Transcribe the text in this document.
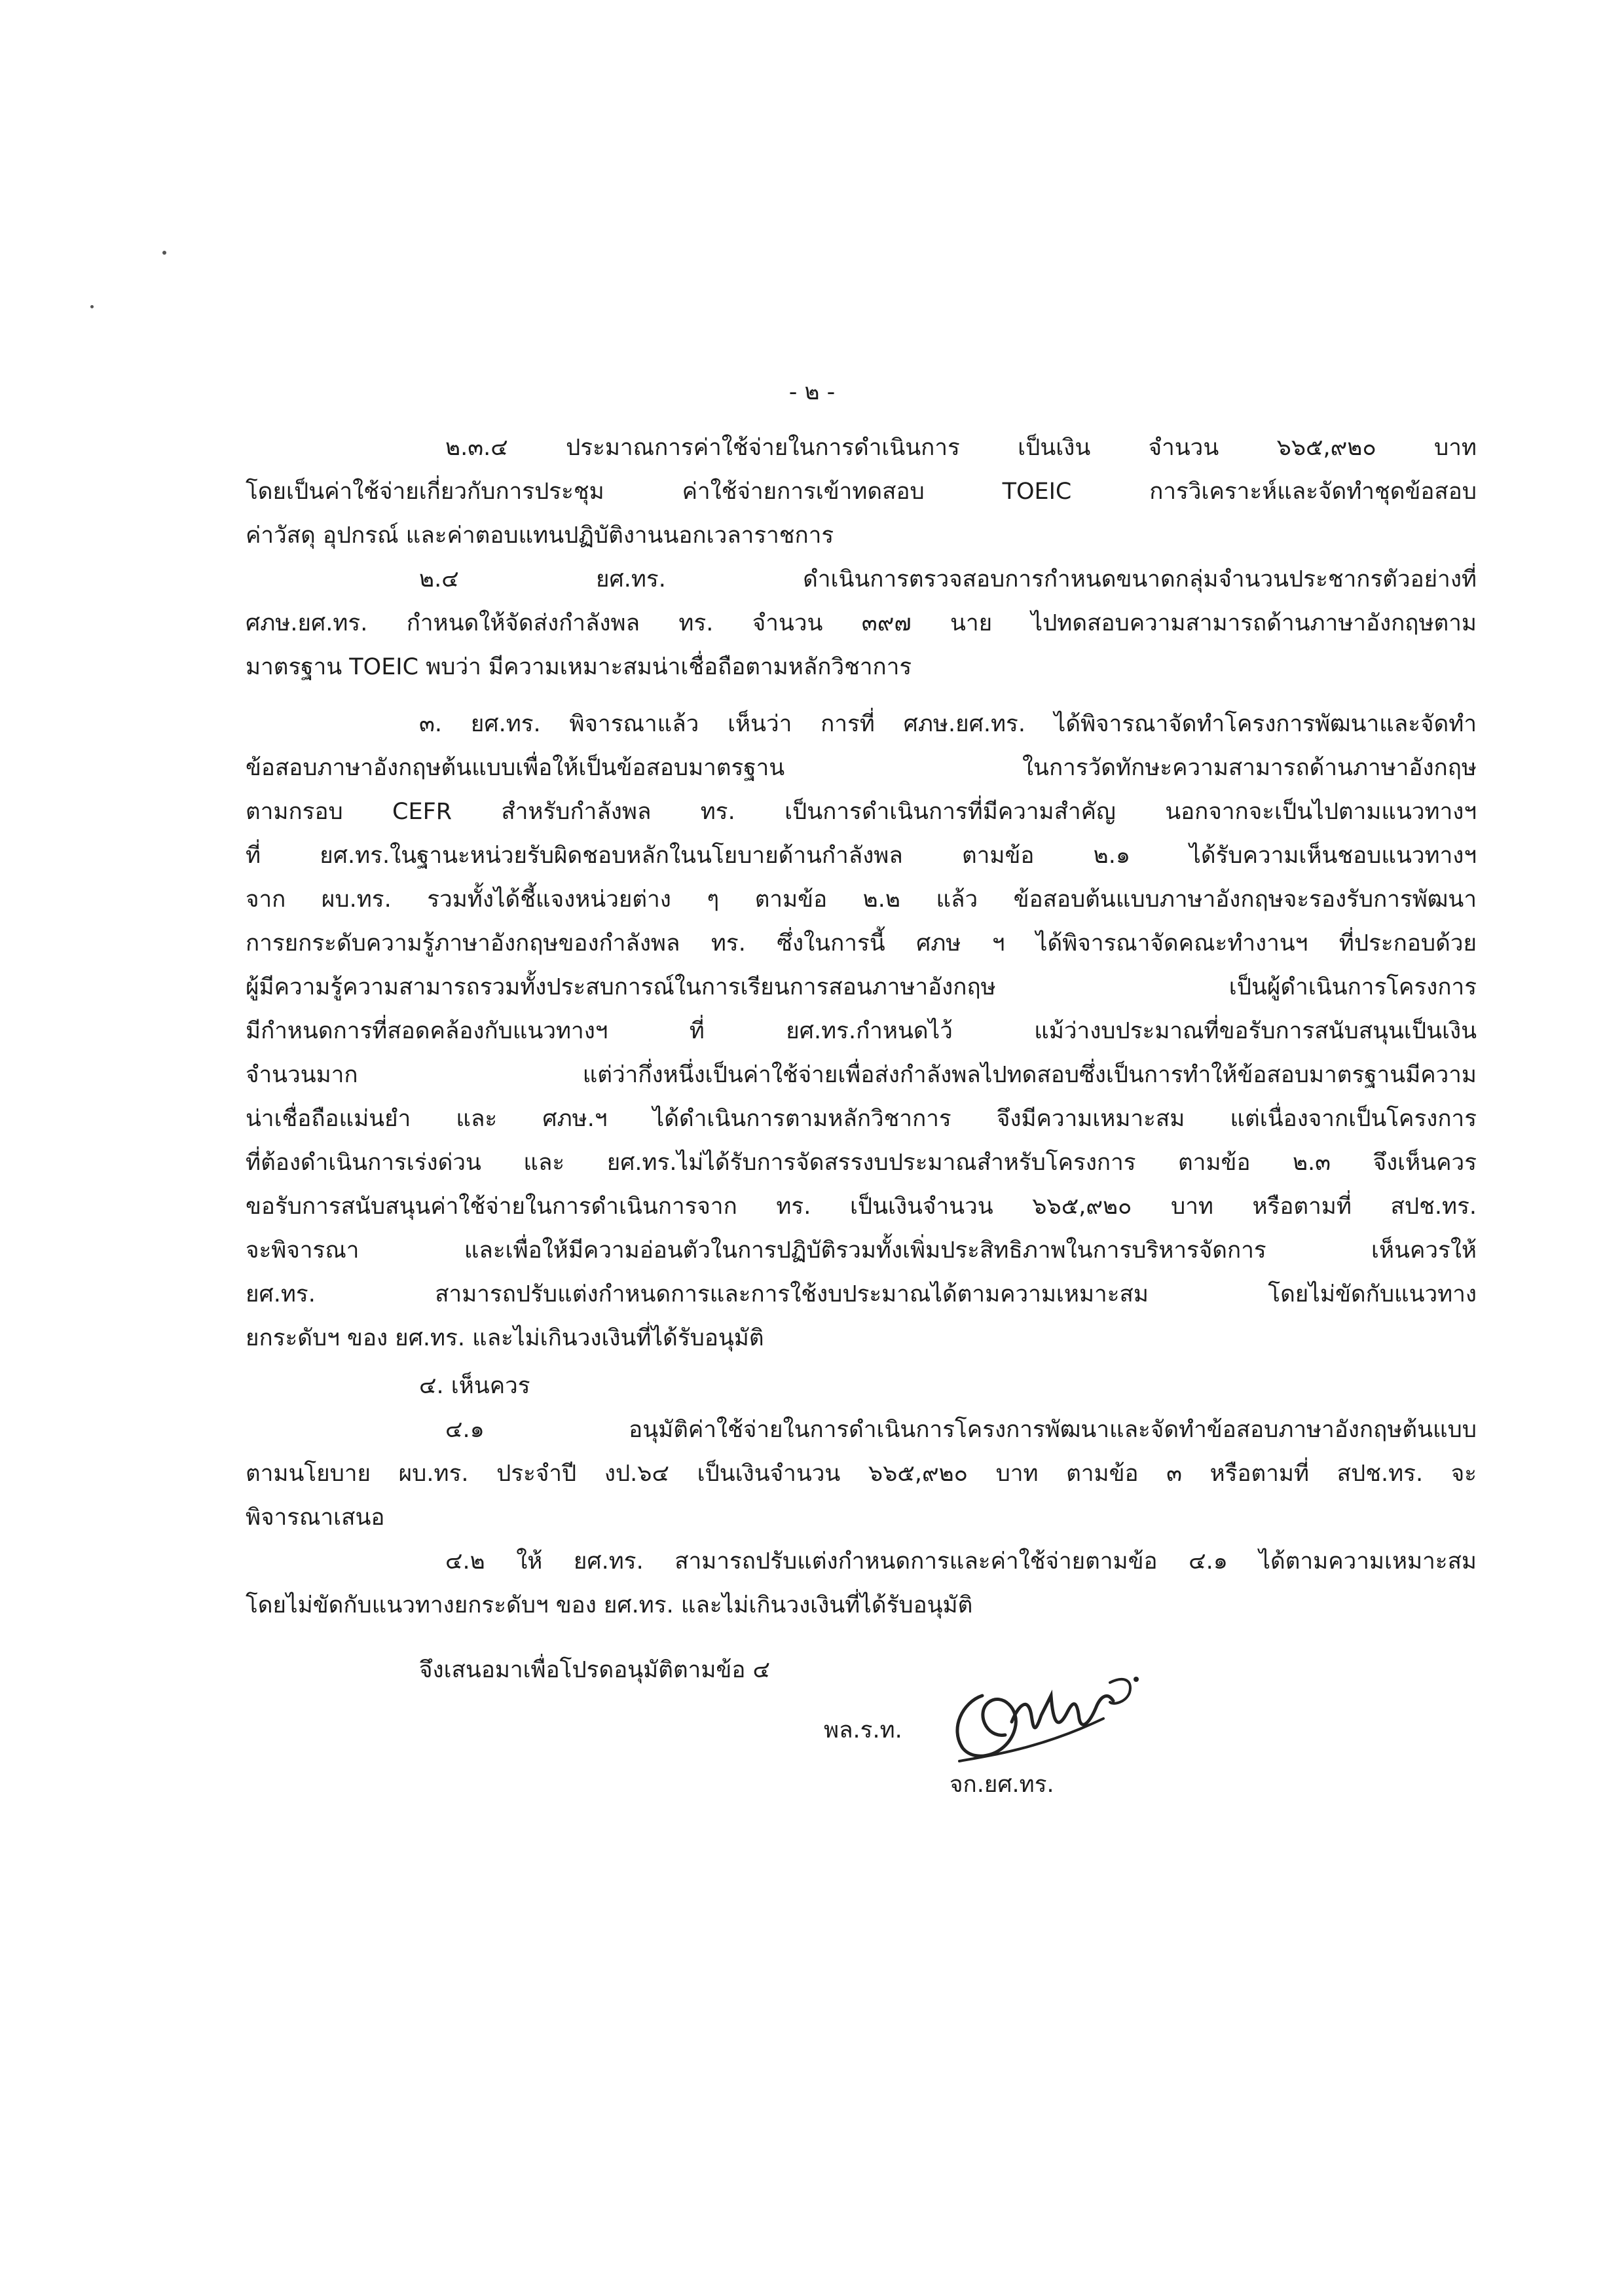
- ๒ -
๒.๓.๔ ประมาณการค่าใช้จ่ายในการดำเนินการ เป็นเงิน จำนวน ๖๖๕,๙๒๐ บาท
โดยเป็นค่าใช้จ่ายเกี่ยวกับการประชุม ค่าใช้จ่ายการเข้าทดสอบ TOEIC การวิเคราะห์และจัดทำชุดข้อสอบ
ค่าวัสดุ อุปกรณ์ และค่าตอบแทนปฏิบัติงานนอกเวลาราชการ
๒.๔ ยศ.ทร. ดำเนินการตรวจสอบการกำหนดขนาดกลุ่มจำนวนประชากรตัวอย่างที่
ศภษ.ยศ.ทร. กำหนดให้จัดส่งกำลังพล ทร. จำนวน ๓๙๗ นาย ไปทดสอบความสามารถด้านภาษาอังกฤษตาม
มาตรฐาน TOEIC พบว่า มีความเหมาะสมน่าเชื่อถือตามหลักวิชาการ
๓. ยศ.ทร. พิจารณาแล้ว เห็นว่า การที่ ศภษ.ยศ.ทร. ได้พิจารณาจัดทำโครงการพัฒนาและจัดทำ
ข้อสอบภาษาอังกฤษต้นแบบเพื่อให้เป็นข้อสอบมาตรฐาน ในการวัดทักษะความสามารถด้านภาษาอังกฤษ
ตามกรอบ CEFR สำหรับกำลังพล ทร. เป็นการดำเนินการที่มีความสำคัญ นอกจากจะเป็นไปตามแนวทางฯ
ที่ ยศ.ทร.ในฐานะหน่วยรับผิดชอบหลักในนโยบายด้านกำลังพล ตามข้อ ๒.๑ ได้รับความเห็นชอบแนวทางฯ
จาก ผบ.ทร. รวมทั้งได้ชี้แจงหน่วยต่าง ๆ ตามข้อ ๒.๒ แล้ว ข้อสอบต้นแบบภาษาอังกฤษจะรองรับการพัฒนา
การยกระดับความรู้ภาษาอังกฤษของกำลังพล ทร. ซึ่งในการนี้ ศภษ ฯ ได้พิจารณาจัดคณะทำงานฯ ที่ประกอบด้วย
ผู้มีความรู้ความสามารถรวมทั้งประสบการณ์ในการเรียนการสอนภาษาอังกฤษ เป็นผู้ดำเนินการโครงการ
มีกำหนดการที่สอดคล้องกับแนวทางฯ ที่ ยศ.ทร.กำหนดไว้ แม้ว่างบประมาณที่ขอรับการสนับสนุนเป็นเงิน
จำนวนมาก แต่ว่ากึ่งหนึ่งเป็นค่าใช้จ่ายเพื่อส่งกำลังพลไปทดสอบซึ่งเป็นการทำให้ข้อสอบมาตรฐานมีความ
น่าเชื่อถือแม่นยำ และ ศภษ.ฯ ได้ดำเนินการตามหลักวิชาการ จึงมีความเหมาะสม แต่เนื่องจากเป็นโครงการ
ที่ต้องดำเนินการเร่งด่วน และ ยศ.ทร.ไม่ได้รับการจัดสรรงบประมาณสำหรับโครงการ ตามข้อ ๒.๓ จึงเห็นควร
ขอรับการสนับสนุนค่าใช้จ่ายในการดำเนินการจาก ทร. เป็นเงินจำนวน ๖๖๕,๙๒๐ บาท หรือตามที่ สปช.ทร.
จะพิจารณา และเพื่อให้มีความอ่อนตัวในการปฏิบัติรวมทั้งเพิ่มประสิทธิภาพในการบริหารจัดการ เห็นควรให้
ยศ.ทร. สามารถปรับแต่งกำหนดการและการใช้งบประมาณได้ตามความเหมาะสม โดยไม่ขัดกับแนวทาง
ยกระดับฯ ของ ยศ.ทร. และไม่เกินวงเงินที่ได้รับอนุมัติ
๔. เห็นควร
๔.๑ อนุมัติค่าใช้จ่ายในการดำเนินการโครงการพัฒนาและจัดทำข้อสอบภาษาอังกฤษต้นแบบ
ตามนโยบาย ผบ.ทร. ประจำปี งป.๖๔ เป็นเงินจำนวน ๖๖๕,๙๒๐ บาท ตามข้อ ๓ หรือตามที่ สปช.ทร. จะ
พิจารณาเสนอ
๔.๒ ให้ ยศ.ทร. สามารถปรับแต่งกำหนดการและค่าใช้จ่ายตามข้อ ๔.๑ ได้ตามความเหมาะสม
โดยไม่ขัดกับแนวทางยกระดับฯ ของ ยศ.ทร. และไม่เกินวงเงินที่ได้รับอนุมัติ
จึงเสนอมาเพื่อโปรดอนุมัติตามข้อ ๔
พล.ร.ท.
จก.ยศ.ทร.
